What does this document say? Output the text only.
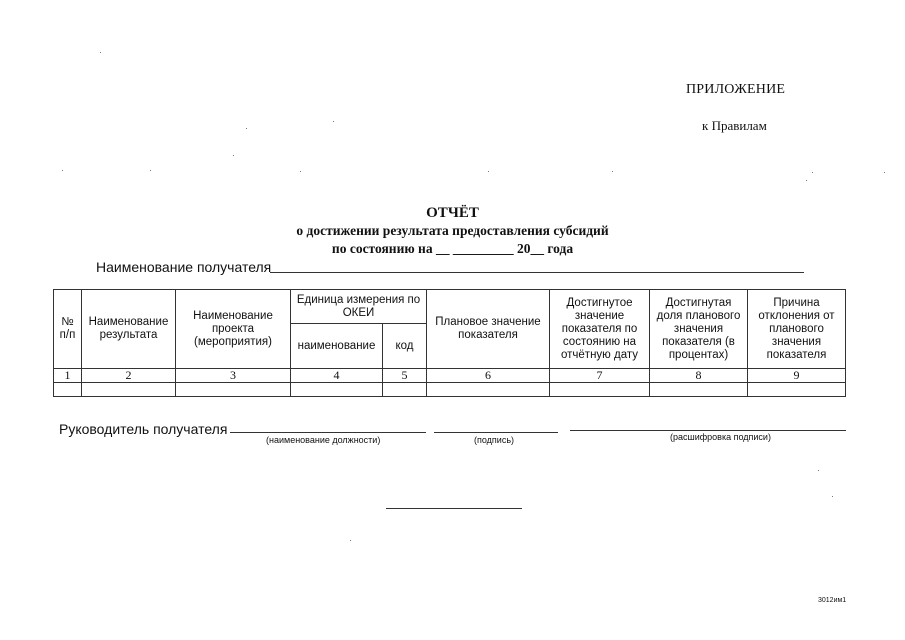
ПРИЛОЖЕНИЕ
к Правилам
ОТЧЁТ
о достижении результата предоставления субсидий
по состоянию на __ _________ 20__ года
Наименование получателя
№ п/п	Наименование результата	Наименование проекта (мероприятия)	Единица измерения по ОКЕИ		Плановое значение показателя	Достигнутое значение показателя по состоянию на отчётную дату	Достигнутая доля планового значения показателя (в процентах)	Причина отклонения от планового значения показателя
			наименование	код				
1	2	3	4	5	6	7	8	9

Руководитель получателя
(наименование должности)	(подпись)	(расшифровка подписи)
3012им1
